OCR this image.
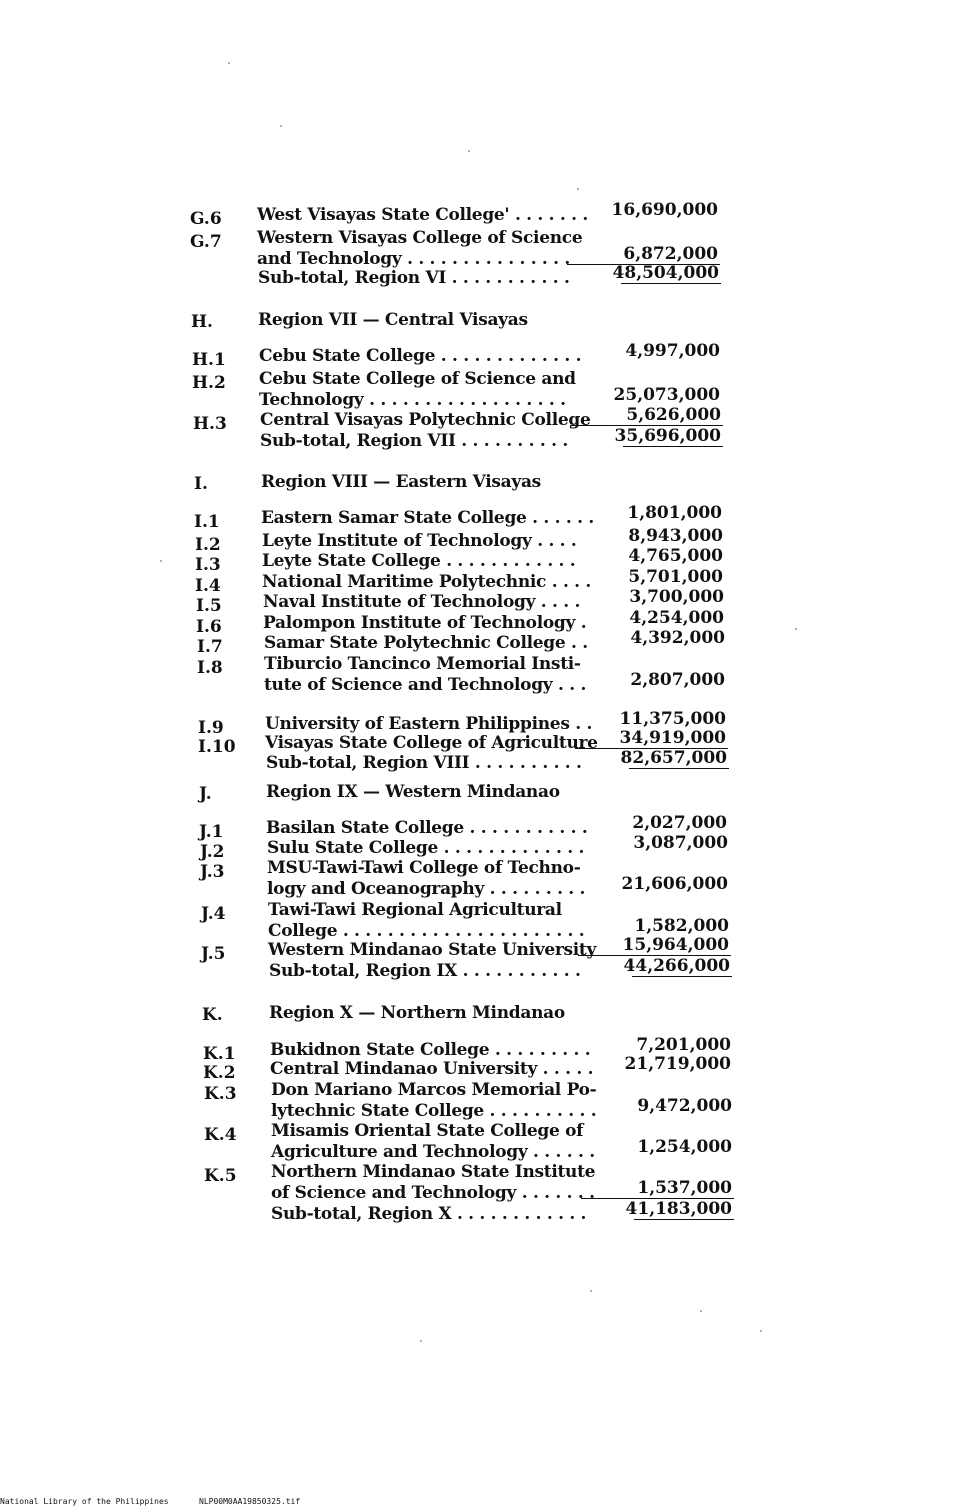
G.6 West Visayas State College' . . . . . . .	16,690,000
G.7 Western Visayas College of Science
and Technology . . . . . . . . . . . . . . .	6,872,000
Sub-total, Region VI . . . . . . . . . . .	48,504,000
H.	Region VII — Central Visayas
H.1 Cebu State College . . . . . . . . . . . . .	4,997,000
H.2 Cebu State College of Science and
Technology . . . . . . . . . . . . . . . . . .	25,073,000
H.3 Central Visayas Polytechnic College	5,626,000
Sub-total, Region VII . . . . . . . . . .	35,696,000
I.	Region VIII — Eastern Visayas
I.1 Eastern Samar State College . . . . . .	1,801,000
I.2 Leyte Institute of Technology . . . .	8,943,000
I.3 Leyte State College . . . . . . . . . . . .	4,765,000
I.4 National Maritime Polytechnic . . . .	5,701,000
I.5 Naval Institute of Technology . . . .	3,700,000
I.6 Palompon Institute of Technology .	4,254,000
I.7 Samar State Polytechnic College . .	4,392,000
I.8 Tiburcio Tancinco Memorial Insti-
tute of Science and Technology . . .	2,807,000
I.9 University of Eastern Philippines . .	11,375,000
I.10 Visayas State College of Agriculture	34,919,000
Sub-total, Region VIII . . . . . . . . . .	82,657,000
J.	Region IX — Western Mindanao
J.1	Basilan State College . . . . . . . . . . .	2,027,000
J.2	Sulu State College . . . . . . . . . . . . .	3,087,000
J.3	MSU-Tawi-Tawi College of Techno-
logy and Oceanography . . . . . . . . .	21,606,000
J.4	Tawi-Tawi Regional Agricultural
College . . . . . . . . . . . . . . . . . . . . . .	1,582,000
J.5	Western Mindanao State University	15,964,000
Sub-total, Region IX . . . . . . . . . . .	44,266,000
K.	Region X — Northern Mindanao
K.1 Bukidnon State College . . . . . . . . .	7,201,000
K.2 Central Mindanao University . . . . .	21,719,000
K.3 Don Mariano Marcos Memorial Po-
lytechnic State College . . . . . . . . . .	9,472,000
K.4 Misamis Oriental State College of
Agriculture and Technology . . . . . .	1,254,000
K.5 Northern Mindanao State Institute
of Science and Technology . . . . . . .	1,537,000
Sub-total, Region X . . . . . . . . . . . .	41,183,000
National Library of the Philippines	NLP00M0AA19850325.tif
